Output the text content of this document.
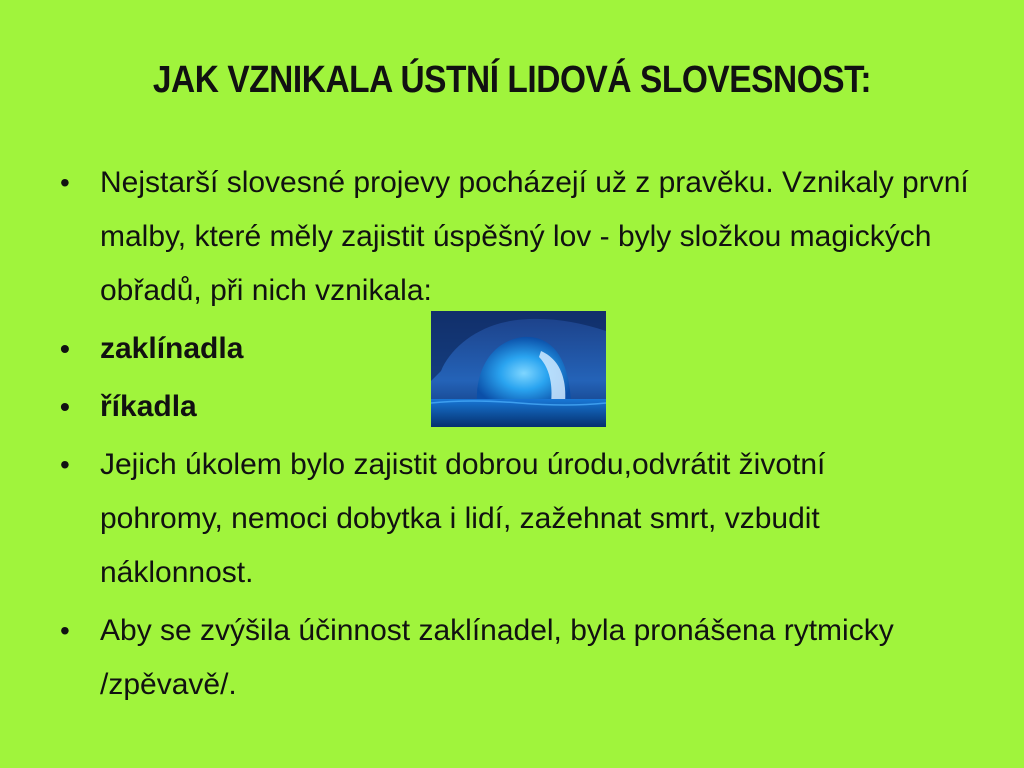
JAK VZNIKALA ÚSTNÍ LIDOVÁ SLOVESNOST:
• Nejstarší slovesné projevy pocházejí už z pravěku. Vznikaly první malby, které měly zajistit úspěšný lov - byly složkou magických obřadů, při nich vznikala:
• zaklínadla
• říkadla
• Jejich úkolem bylo zajistit dobrou úrodu,odvrátit životní pohromy, nemoci dobytka i lidí, zažehnat smrt, vzbudit náklonnost.
• Aby se zvýšila účinnost zaklínadel, byla pronášena rytmicky /zpěvavě/.
